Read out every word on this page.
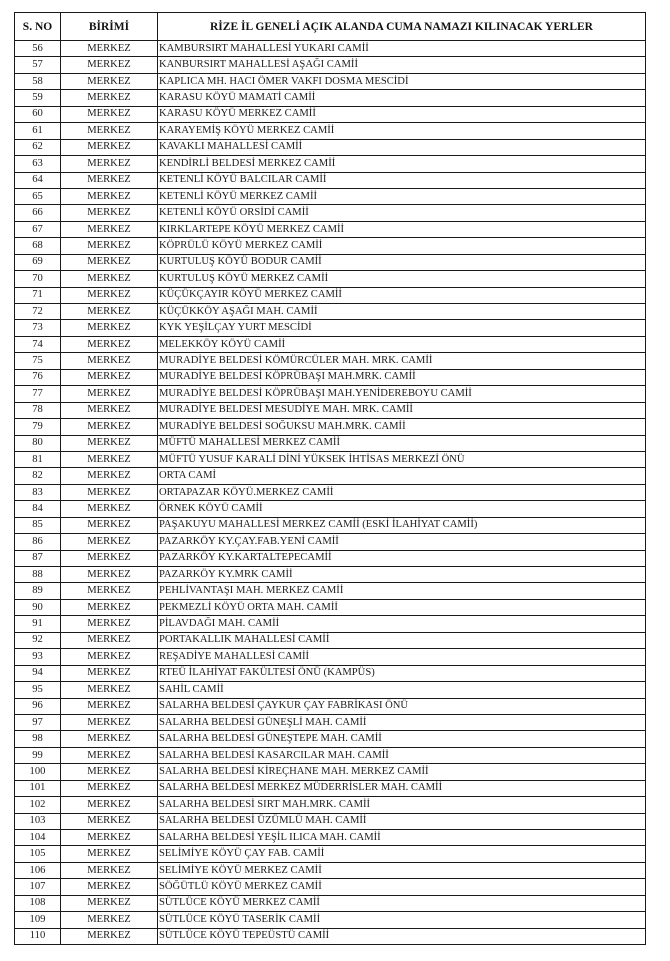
S. NO	BİRİMİ	RİZE İL GENELİ AÇIK ALANDA CUMA NAMAZI KILINACAK YERLER
56	MERKEZ	KAMBURSIRT MAHALLESİ YUKARI CAMİİ
57	MERKEZ	KANBURSIRT MAHALLESİ AŞAĞI CAMİİ
58	MERKEZ	KAPLICA MH. HACI ÖMER VAKFI DOSMA MESCİDİ
59	MERKEZ	KARASU KÖYÜ MAMATİ CAMİİ
60	MERKEZ	KARASU KÖYÜ MERKEZ CAMİİ
61	MERKEZ	KARAYEMİŞ KÖYÜ MERKEZ CAMİİ
62	MERKEZ	KAVAKLI MAHALLESİ CAMİİ
63	MERKEZ	KENDİRLİ BELDESİ MERKEZ CAMİİ
64	MERKEZ	KETENLİ KÖYÜ BALCILAR CAMİİ
65	MERKEZ	KETENLİ KÖYÜ MERKEZ CAMİİ
66	MERKEZ	KETENLİ KÖYÜ ORSİDİ CAMİİ
67	MERKEZ	KIRKLARTEPE KÖYÜ MERKEZ CAMİİ
68	MERKEZ	KÖPRÜLÜ KÖYÜ MERKEZ CAMİİ
69	MERKEZ	KURTULUŞ KÖYÜ BODUR CAMİİ
70	MERKEZ	KURTULUŞ KÖYÜ MERKEZ CAMİİ
71	MERKEZ	KÜÇÜKÇAYIR KÖYÜ MERKEZ CAMİİ
72	MERKEZ	KÜÇÜKKÖY AŞAĞI MAH. CAMİİ
73	MERKEZ	KYK YEŞİLÇAY YURT MESCİDİ
74	MERKEZ	MELEKKÖY KÖYÜ CAMİİ
75	MERKEZ	MURADİYE BELDESİ KÖMÜRCÜLER MAH. MRK. CAMİİ
76	MERKEZ	MURADİYE BELDESİ KÖPRÜBAŞI MAH.MRK. CAMİİ
77	MERKEZ	MURADİYE BELDESİ KÖPRÜBAŞI MAH.YENİDEREBOYU CAMİİ
78	MERKEZ	MURADİYE BELDESİ MESUDİYE MAH. MRK. CAMİİ
79	MERKEZ	MURADİYE BELDESİ SOĞUKSU MAH.MRK. CAMİİ
80	MERKEZ	MÜFTÜ MAHALLESİ MERKEZ CAMİİ
81	MERKEZ	MÜFTÜ YUSUF KARALİ DİNİ YÜKSEK İHTİSAS MERKEZİ ÖNÜ
82	MERKEZ	ORTA CAMİ
83	MERKEZ	ORTAPAZAR KÖYÜ.MERKEZ CAMİİ
84	MERKEZ	ÖRNEK KÖYÜ CAMİİ
85	MERKEZ	PAŞAKUYU MAHALLESİ MERKEZ CAMİİ (ESKİ İLAHİYAT CAMİİ)
86	MERKEZ	PAZARKÖY KY.ÇAY.FAB.YENİ CAMİİ
87	MERKEZ	PAZARKÖY KY.KARTALTEPECAMİİ
88	MERKEZ	PAZARKÖY KY.MRK CAMİİ
89	MERKEZ	PEHLİVANTAŞI MAH. MERKEZ CAMİİ
90	MERKEZ	PEKMEZLİ KÖYÜ ORTA MAH. CAMİİ
91	MERKEZ	PİLAVDAĞI MAH. CAMİİ
92	MERKEZ	PORTAKALLIK MAHALLESİ CAMİİ
93	MERKEZ	REŞADİYE MAHALLESİ CAMİİ
94	MERKEZ	RTEÜ İLAHİYAT FAKÜLTESİ ÖNÜ (KAMPÜS)
95	MERKEZ	SAHİL CAMİİ
96	MERKEZ	SALARHA BELDESİ ÇAYKUR ÇAY FABRİKASI ÖNÜ
97	MERKEZ	SALARHA BELDESİ GÜNEŞLİ MAH. CAMİİ
98	MERKEZ	SALARHA BELDESİ GÜNEŞTEPE MAH. CAMİİ
99	MERKEZ	SALARHA BELDESİ KASARCILAR MAH. CAMİİ
100	MERKEZ	SALARHA BELDESİ KİREÇHANE MAH. MERKEZ CAMİİ
101	MERKEZ	SALARHA BELDESİ MERKEZ MÜDERRİSLER MAH. CAMİİ
102	MERKEZ	SALARHA BELDESİ SIRT MAH.MRK. CAMİİ
103	MERKEZ	SALARHA BELDESİ ÜZÜMLÜ MAH. CAMİİ
104	MERKEZ	SALARHA BELDESİ YEŞİL ILICA MAH. CAMİİ
105	MERKEZ	SELİMİYE KÖYÜ ÇAY FAB. CAMİİ
106	MERKEZ	SELİMİYE KÖYÜ MERKEZ CAMİİ
107	MERKEZ	SÖĞÜTLÜ KÖYÜ MERKEZ CAMİİ
108	MERKEZ	SÜTLÜCE KÖYÜ MERKEZ CAMİİ
109	MERKEZ	SÜTLÜCE KÖYÜ TASERİK CAMİİ
110	MERKEZ	SÜTLÜCE KÖYÜ TEPEÜSTÜ CAMİİ
